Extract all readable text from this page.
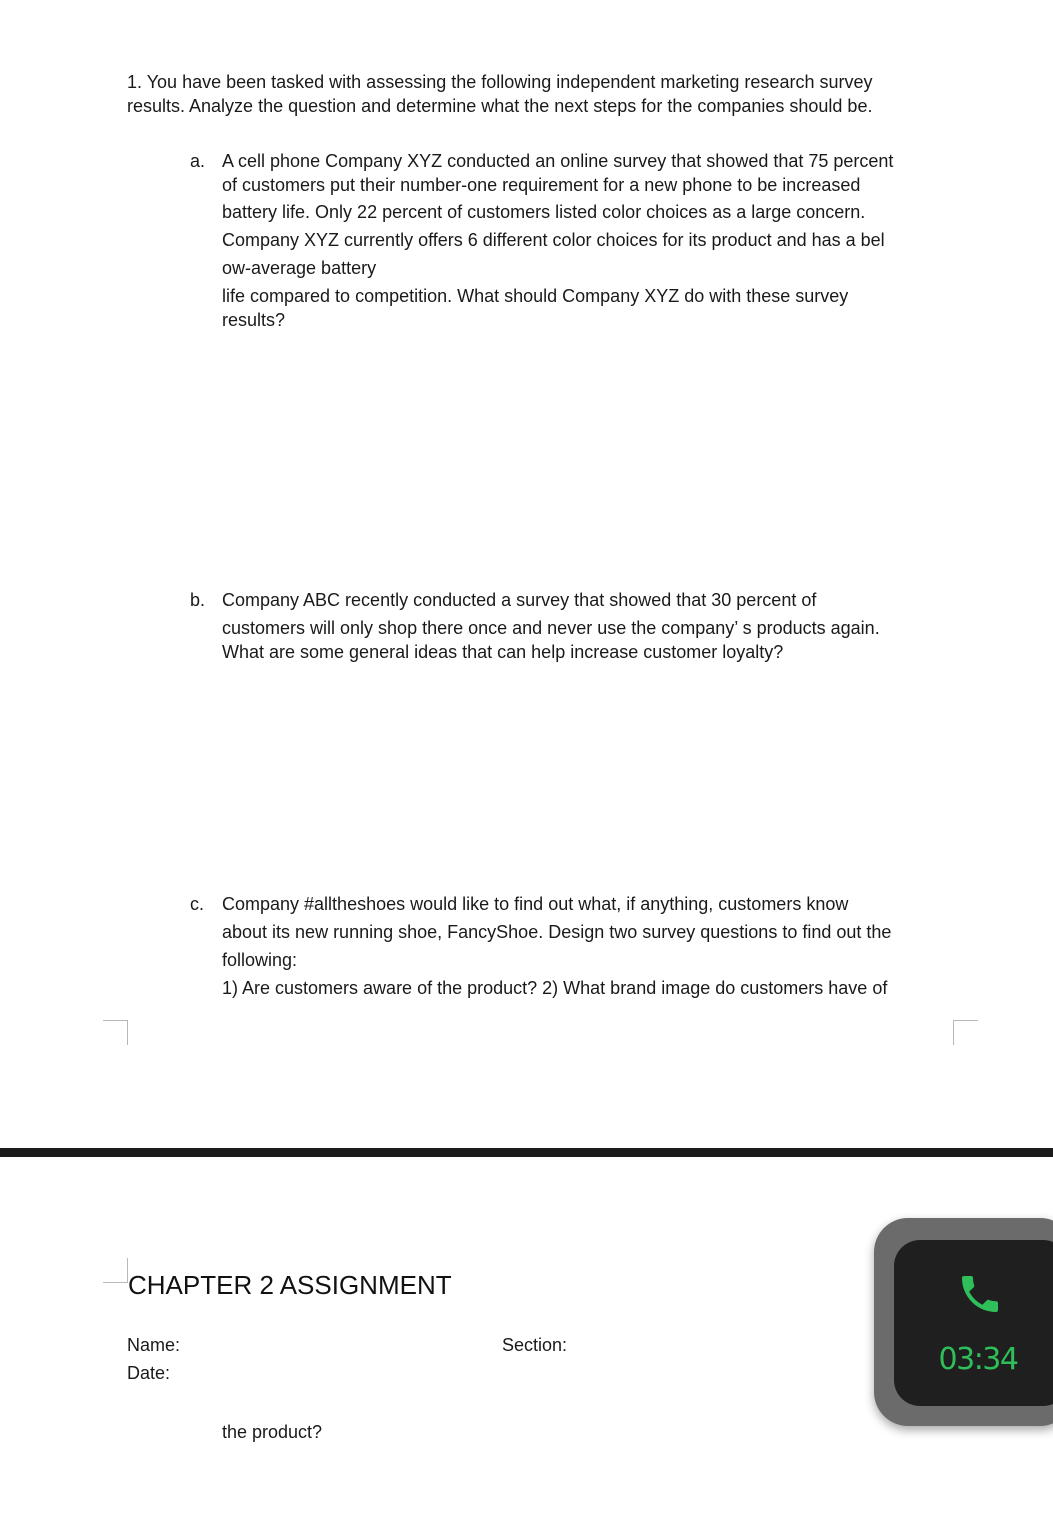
1. You have been tasked with assessing the following independent marketing research survey
results. Analyze the question and determine what the next steps for the companies should be.
a. A cell phone Company XYZ conducted an online survey that showed that 75 percent
of customers put their number-one requirement for a new phone to be increased
battery life. Only 22 percent of customers listed color choices as a large concern.
Company XYZ currently offers 6 different color choices for its product and has a bel
ow-average battery
life compared to competition. What should Company XYZ do with these survey
results?
b. Company ABC recently conducted a survey that showed that 30 percent of
customers will only shop there once and never use the company’ s products again.
What are some general ideas that can help increase customer loyalty?
c. Company #alltheshoes would like to find out what, if anything, customers know
about its new running shoe, FancyShoe. Design two survey questions to find out the
following:
1) Are customers aware of the product? 2) What brand image do customers have of
CHAPTER 2 ASSIGNMENT
Name:	Section:
Date:
the product?
03:34
